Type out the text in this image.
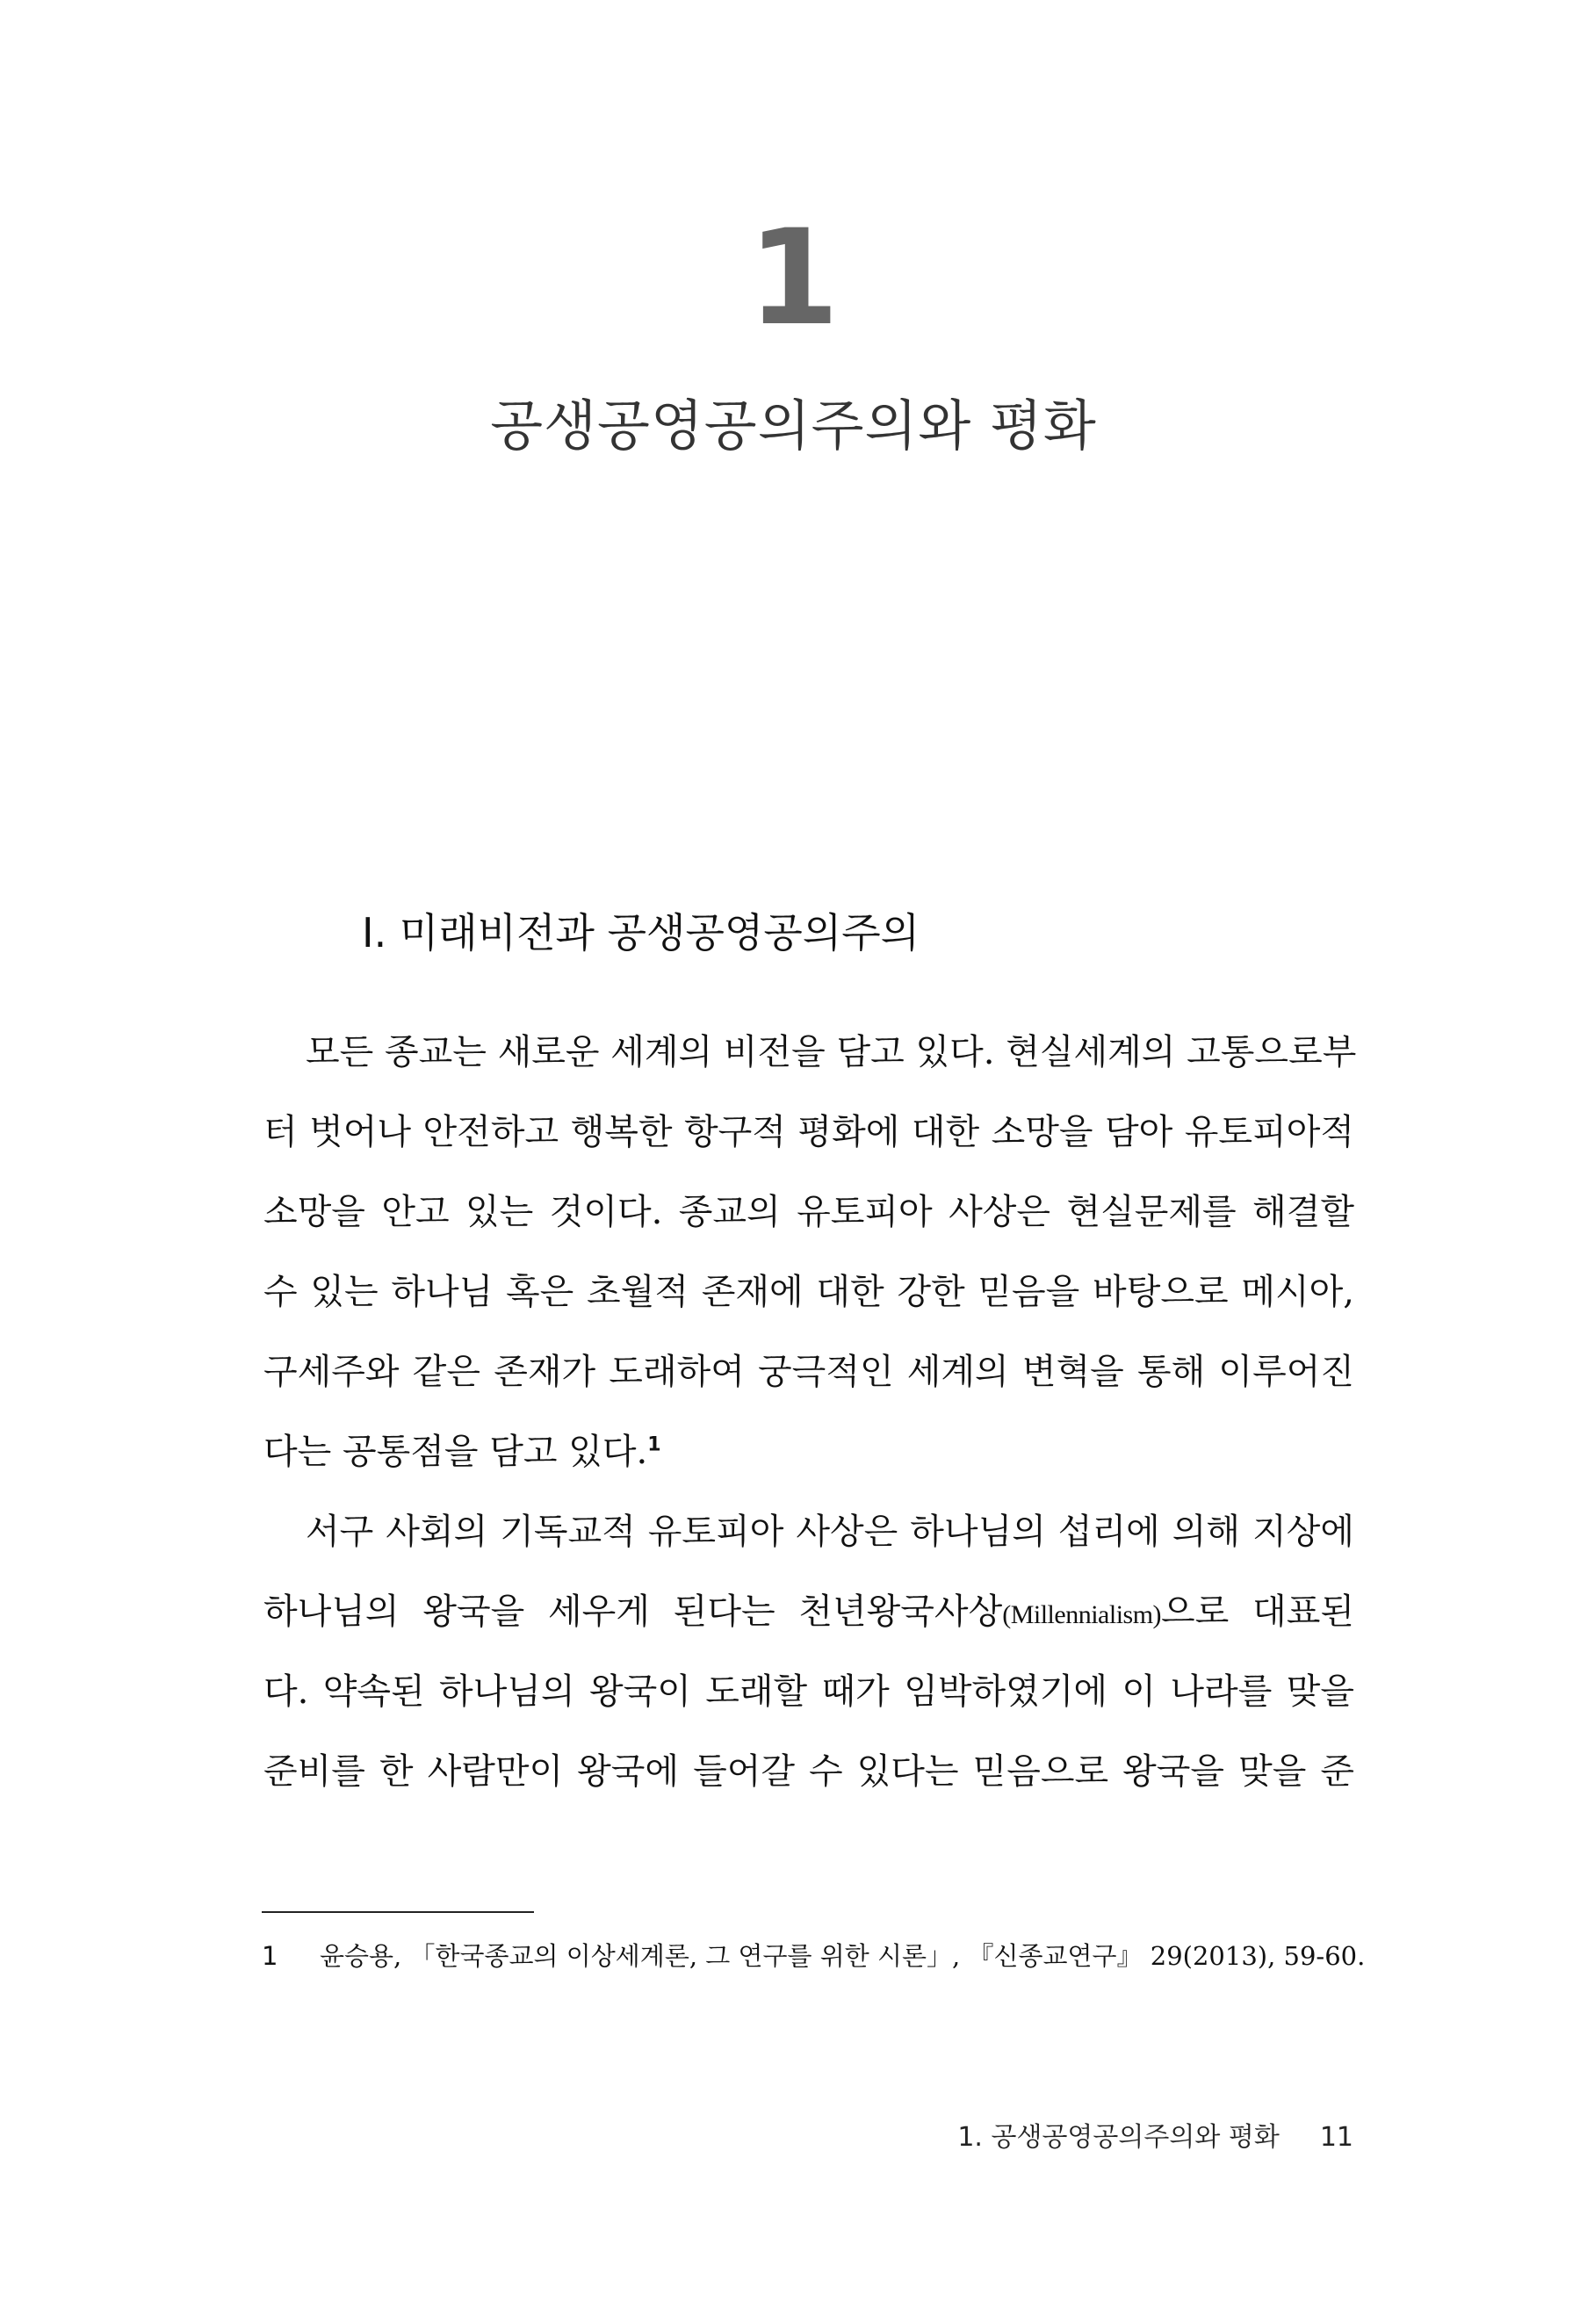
1
공생공영공의주의와 평화
Ⅰ. 미래비전과 공생공영공의주의
모든 종교는 새로운 세계의 비전을 담고 있다. 현실세계의 고통으로부
터 벗어나 안전하고 행복한 항구적 평화에 대한 소망을 담아 유토피아적
소망을 안고 있는 것이다. 종교의 유토피아 사상은 현실문제를 해결할
수 있는 하나님 혹은 초월적 존재에 대한 강한 믿음을 바탕으로 메시아,
구세주와 같은 존재가 도래하여 궁극적인 세계의 변혁을 통해 이루어진
다는 공통점을 담고 있다.$^1$
서구 사회의 기독교적 유토피아 사상은 하나님의 섭리에 의해 지상에
하나님의 왕국을 세우게 된다는 천년왕국사상(Millennialism)으로 대표된
다. 약속된 하나님의 왕국이 도래할 때가 임박하였기에 이 나라를 맞을
준비를 한 사람만이 왕국에 들어갈 수 있다는 믿음으로 왕국을 맞을 준
1 윤승용, 「한국종교의 이상세계론, 그 연구를 위한 시론」, 『신종교연구』 29(2013), 59-60.
1. 공생공영공의주의와 평화 11
